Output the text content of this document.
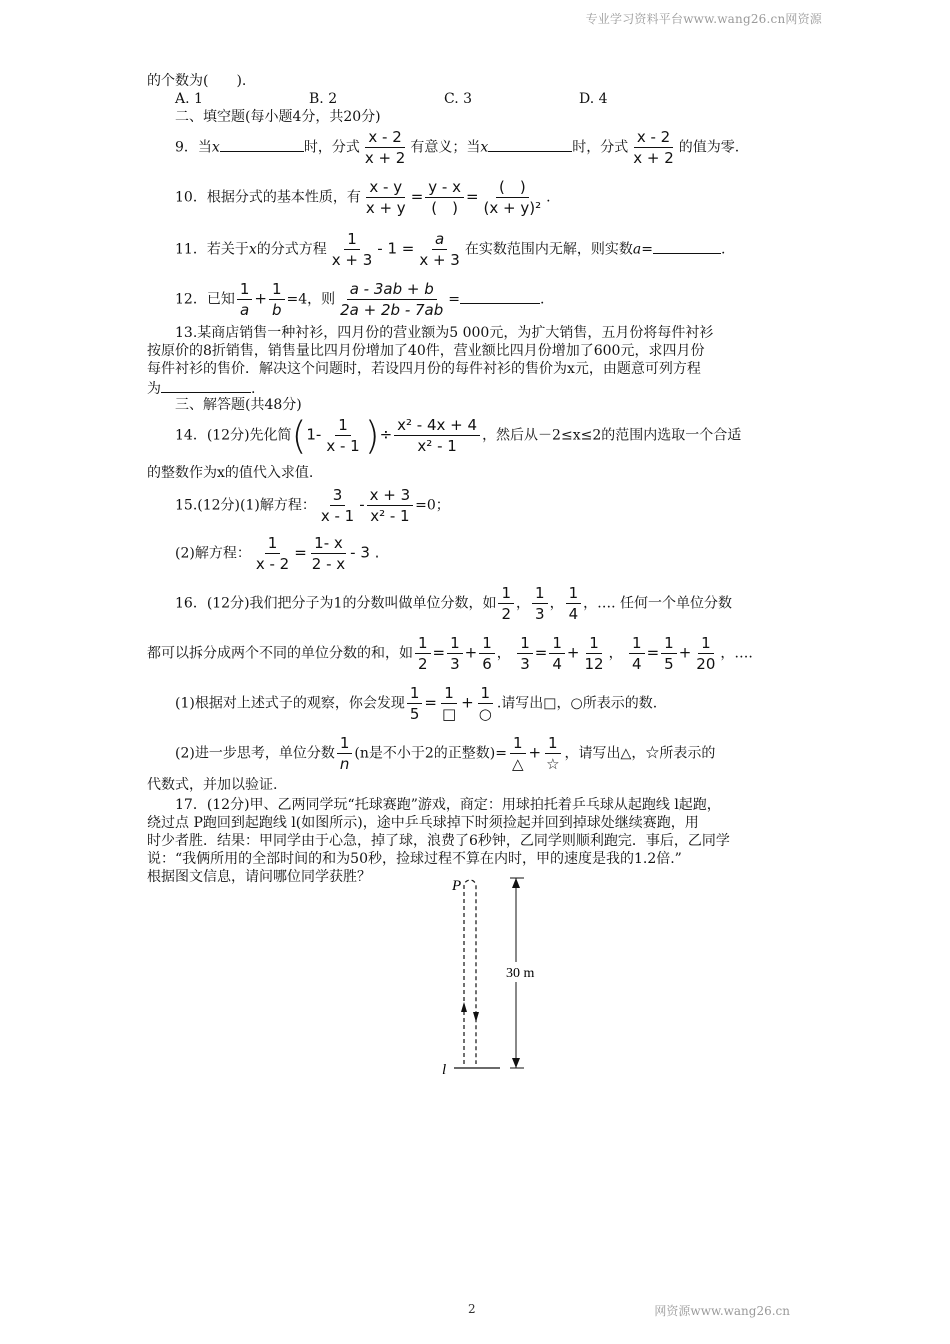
专业学习资料平台www.wang26.cn网资源
的个数为(　　).
A. 1	B. 2	C. 3	D. 4
二、填空题(每小题4分，共20分)
9．当x	时，分式 $\frac{x - 2}{x + 2}$ 有意义；当x	时，分式 $\frac{x - 2}{x + 2}$ 的值为零.
10．根据分式的基本性质，有 $\frac{x - y}{x + y} = \frac{y - x}{( )} = \frac{( )}{\text{(x + y)²}}$ .
11．若关于x的分式方程 $\frac{1}{x + 3} - 1 = \frac{a}{x + 3}$ 在实数范围内无解，则实数a=	.
12．已知 $\frac{1}{a} + \frac{1}{b} =4$，则 $\frac{a - 3ab + b}{2a + 2b - 7ab}$ =	.
13.某商店销售一种衬衫，四月份的营业额为5 000元，为扩大销售，五月份将每件衬衫
按原价的8折销售，销售量比四月份增加了40件，营业额比四月份增加了600元，求四月份
每件衬衫的售价．解决这个问题时，若设四月份的每件衬衫的售价为x元，由题意可列方程
为	.
三、解答题(共48分)
14．(12分)先化简($1- \frac{1}{x - 1}$ )÷ $\frac{\text{x² - 4x + 4}}{\text{x² - 1}}$ ，然后从－2≤x≤2的范围内选取一个合适
的整数作为x的值代入求值.
15.(12分)(1)解方程： $\frac{3}{x - 1} - \frac{x + 3}{\text{x² - 1}} =0$；
(2)解方程： $\frac{1}{x - 2} = \frac{1- x}{2 - x} - 3$ .
16．(12分)我们把分子为1的分数叫做单位分数，如 $\frac{1}{2}$ ， $\frac{1}{3}$ ， $\frac{1}{4}$ ，…. 任何一个单位分数
都可以拆分成两个不同的单位分数的和，如 $\frac{1}{2} = \frac{1}{3} + \frac{1}{6}$ ， $\frac{1}{3} = \frac{1}{4} + \frac{1}{12}$ ， $\frac{1}{4} = \frac{1}{5} + \frac{1}{20}$ ，….
(1)根据对上述式子的观察，你会发现 $\frac{1}{5} = \frac{1}{□} + \frac{1}{○}$ .请写出□，○所表示的数.
(2)进一步思考，单位分数 $\frac{1}{n} (n$是不小于2的正整数)= $\frac{1}{\triangle} + \frac{1}{☆}$ ，请写出△，☆所表示的
代数式，并加以验证.
17．(12分)甲、乙两同学玩“托球赛跑”游戏，商定：用球拍托着乒乓球从起跑线 l起跑，
绕过点 P跑回到起跑线 l(如图所示)，途中乒乓球掉下时须捡起并回到掉球处继续赛跑，用
时少者胜．结果：甲同学由于心急，掉了球，浪费了6秒钟，乙同学则顺利跑完．事后，乙同学
说：“我俩所用的全部时间的和为50秒，捡球过程不算在内时，甲的速度是我的1.2倍.”
根据图文信息，请问哪位同学获胜？
P
l
30 m
2	网资源www.wang26.cn
